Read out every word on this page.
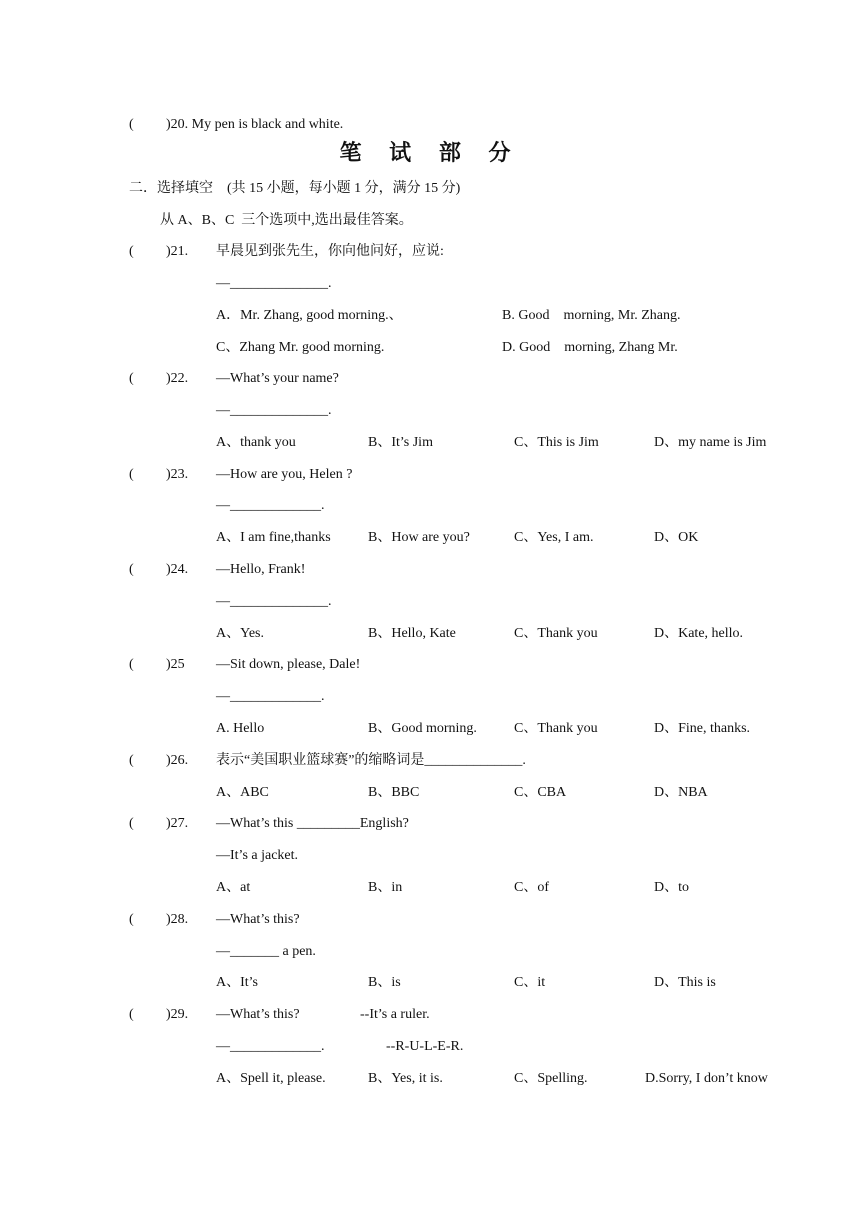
( )20. My pen is black and white.
笔 试 部 分
二．选择填空　(共 15 小题，每小题 1 分，满分 15 分)
从 A、B、C  三个选项中,选出最佳答案。
( )21. 早晨见到张先生，你向他问好，应说:
—______________.
A．Mr. Zhang, good morning.、	B. Good    morning, Mr. Zhang.
C、Zhang Mr. good morning.	D. Good    morning, Zhang Mr.
( )22. —What’s your name?
—______________.
A、thank you	B、It’s Jim	C、This is Jim	D、my name is Jim
( )23. —How are you, Helen ?
—_____________.
A、I am fine,thanks	B、How are you?	C、Yes, I am.	D、OK
( )24. —Hello, Frank!
—______________.
A、Yes.	B、Hello, Kate	C、Thank you	D、Kate, hello.
( )25 —Sit down, please, Dale!
—_____________.
A. Hello	B、Good morning.	C、Thank you	D、Fine, thanks.
( )26. 表示“美国职业篮球赛”的缩略词是______________.
A、ABC	B、BBC	C、CBA	D、NBA
( )27. —What’s this _________English?
—It’s a jacket.
A、at	B、in	C、of	D、to
( )28. —What’s this?
—_______ a pen.
A、It’s	B、is	C、it	D、This is
( )29. —What’s this?	--It’s a ruler.
—_____________.	--R-U-L-E-R.
A、Spell it, please.	B、Yes, it is.	C、Spelling.	D.Sorry, I don’t know
